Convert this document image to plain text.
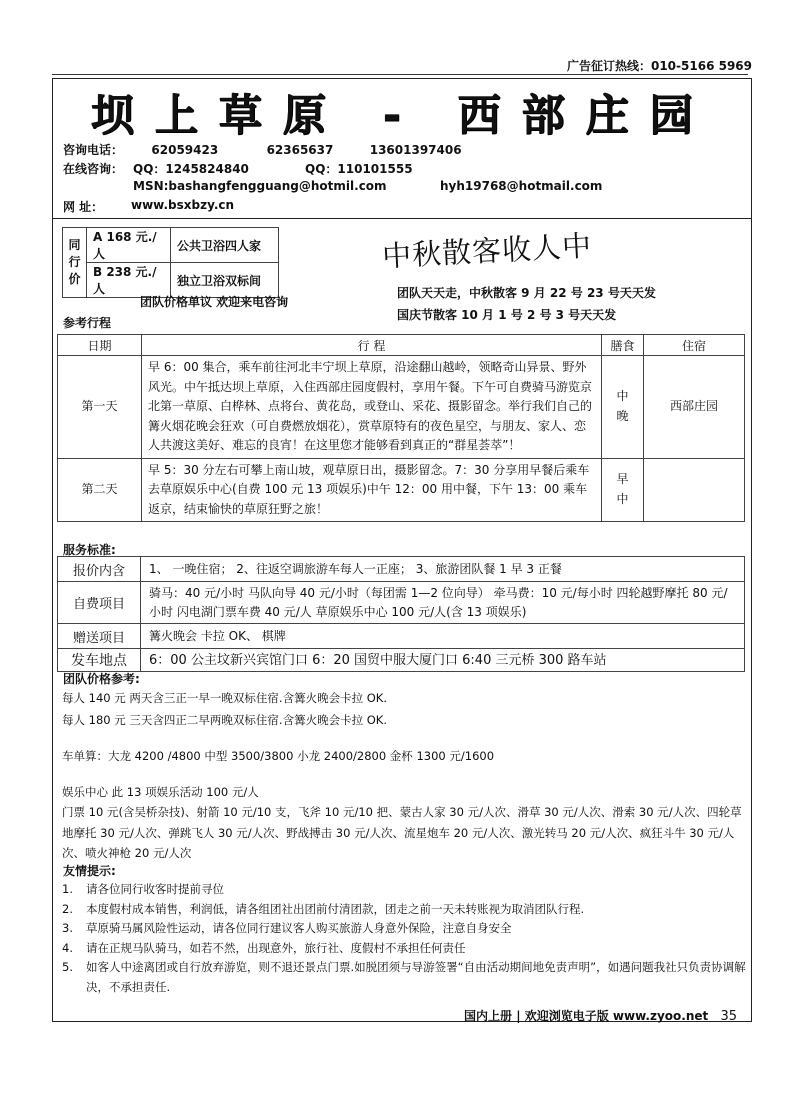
广告征订热线：010-5166 5969
坝上草原 - 西部庄园
咨询电话： 62059423	62365637	13601397406
在线咨询： QQ：1245824840	QQ：110101555
MSN:bashangfengguang@hotmil.com	hyh19768@hotmail.com
网 址： www.bsxbzy.cn
同行价	A 168 元./人	公共卫浴四人家
	B 238 元./人	独立卫浴双标间
团队价格单议 欢迎来电咨询
中秋散客收人中
团队天天走，中秋散客 9 月 22 号 23 号天天发
国庆节散客 10 月 1 号 2 号 3 号天天发
参考行程
日期	行 程	膳食	住宿
第一天	早 6：00 集合，乘车前往河北丰宁坝上草原，沿途翻山越岭，领略奇山异景、野外风光。中午抵达坝上草原，入住西部庄园度假村，享用午餐。下午可自费骑马游览京北第一草原、白桦林、点将台、黄花岛，或登山、采花、摄影留念。举行我们自己的篝火烟花晚会狂欢（可自费燃放烟花），赏草原特有的夜色星空，与朋友、家人、恋人共渡这美好、难忘的良宵！在这里您才能够看到真正的“群星荟萃”！	中晚	西部庄园
第二天	早 5：30 分左右可攀上南山坡，观草原日出，摄影留念。7：30 分享用早餐后乘车去草原娱乐中心(自费 100 元 13 项娱乐)中午 12：00 用中餐，下午 13：00 乘车返京，结束愉快的草原狂野之旅！	早中	
服务标准:
报价内含	1、 一晚住宿； 2、往返空调旅游车每人一正座； 3、旅游团队餐 1 早 3 正餐
自费项目	骑马：40 元/小时 马队向导 40 元/小时（每团需 1—2 位向导） 牵马费：10 元/每小时 四轮越野摩托 80 元/小时 闪电湖门票车费 40 元/人 草原娱乐中心 100 元/人(含 13 项娱乐)
赠送项目	篝火晚会 卡拉 OK、 棋牌
发车地点	6：00 公主坟新兴宾馆门口 6：20 国贸中服大厦门口 6:40 三元桥 300 路车站
团队价格参考:
每人 140 元 两天含三正一早一晚双标住宿.含篝火晚会卡拉 OK.
每人 180 元 三天含四正二早两晚双标住宿.含篝火晚会卡拉 OK.
车单算：大龙 4200 /4800 中型 3500/3800 小龙 2400/2800 金杯 1300 元/1600
娱乐中心 此 13 项娱乐活动 100 元/人
门票 10 元(含吴桥杂技)、射箭 10 元/10 支，飞斧 10 元/10 把、蒙古人家 30 元/人次、滑草 30 元/人次、滑索 30 元/人次、四轮草地摩托 30 元/人次、弹跳飞人 30 元/人次、野战搏击 30 元/人次、流星炮车 20 元/人次、激光转马 20 元/人次、疯狂斗牛 30 元/人次、喷火神枪 20 元/人次
友情提示:
1. 请各位同行收客时提前寻位
2. 本度假村成本销售，利润低，请各组团社出团前付清团款，团走之前一天未转账视为取消团队行程.
3. 草原骑马属风险性运动，请各位同行建议客人购买旅游人身意外保险，注意自身安全
4. 请在正规马队骑马，如若不然，出现意外，旅行社、度假村不承担任何责任
5. 如客人中途离团或自行放弃游览，则不退还景点门票.如脱团须与导游签署“自由活动期间地免责声明”，如遇问题我社只负责协调解决，不承担责任.
国内上册 | 欢迎浏览电子版 www.zyoo.net 35
